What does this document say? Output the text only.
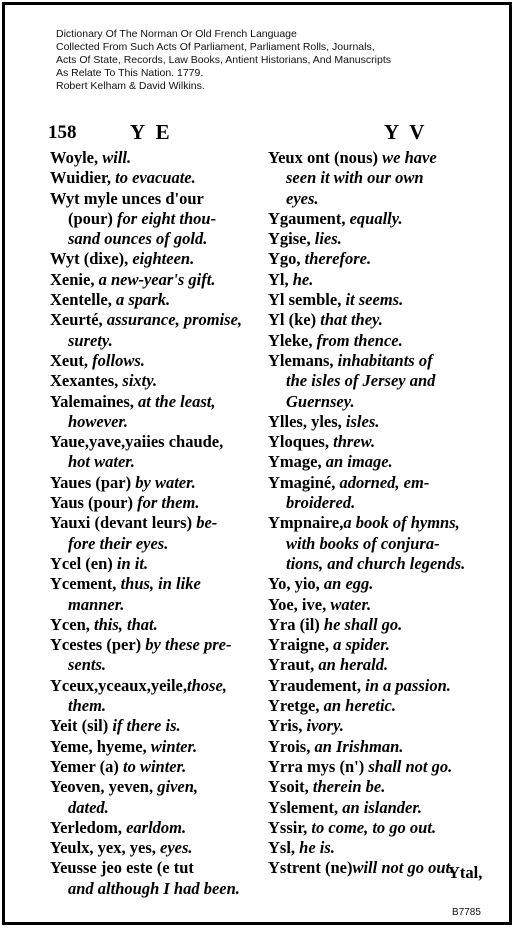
Dictionary Of The Norman Or Old French Language
Collected From Such Acts Of Parliament, Parliament Rolls, Journals,
Acts Of State, Records, Law Books, Antient Historians, And Manuscripts
As Relate To This Nation. 1779.
Robert Kelham & David Wilkins.
158	Y E	Y V
Woyle, will.
Wuidier, to evacuate.
Wyt myle unces d'our
(pour) for eight thou-
sand ounces of gold.
Wyt (dixe), eighteen.
Xenie, a new-year's gift.
Xentelle, a spark.
Xeurté, assurance, promise,
surety.
Xeut, follows.
Xexantes, sixty.
Yalemaines, at the least,
however.
Yaue,yave,yaiies chaude,
hot water.
Yaues (par) by water.
Yaus (pour) for them.
Yauxi (devant leurs) be-
fore their eyes.
Ycel (en) in it.
Ycement, thus, in like
manner.
Ycen, this, that.
Ycestes (per) by these pre-
sents.
Yceux,yceaux,yeile,those,
them.
Yeit (sil) if there is.
Yeme, hyeme, winter.
Yemer (a) to winter.
Yeoven, yeven, given,
dated.
Yerledom, earldom.
Yeulx, yex, yes, eyes.
Yeusse jeo este (e tut
and although I had been.
Yeux ont (nous) we have
seen it with our own
eyes.
Ygaument, equally.
Ygise, lies.
Ygo, therefore.
Yl, he.
Yl semble, it seems.
Yl (ke) that they.
Yleke, from thence.
Ylemans, inhabitants of
the isles of Jersey and
Guernsey.
Ylles, yles, isles.
Yloques, threw.
Ymage, an image.
Ymaginé, adorned, em-
broidered.
Ympnaire,a book of hymns,
with books of conjura-
tions, and church legends.
Yo, yio, an egg.
Yoe, ive, water.
Yra (il) he shall go.
Yraigne, a spider.
Yraut, an herald.
Yraudement, in a passion.
Yretge, an heretic.
Yris, ivory.
Yrois, an Irishman.
Yrra mys (n') shall not go.
Ysoit, therein be.
Yslement, an islander.
Yssir, to come, to go out.
Ysl, he is.
Ystrent (ne)will not go out.
Ytal,
B7785
